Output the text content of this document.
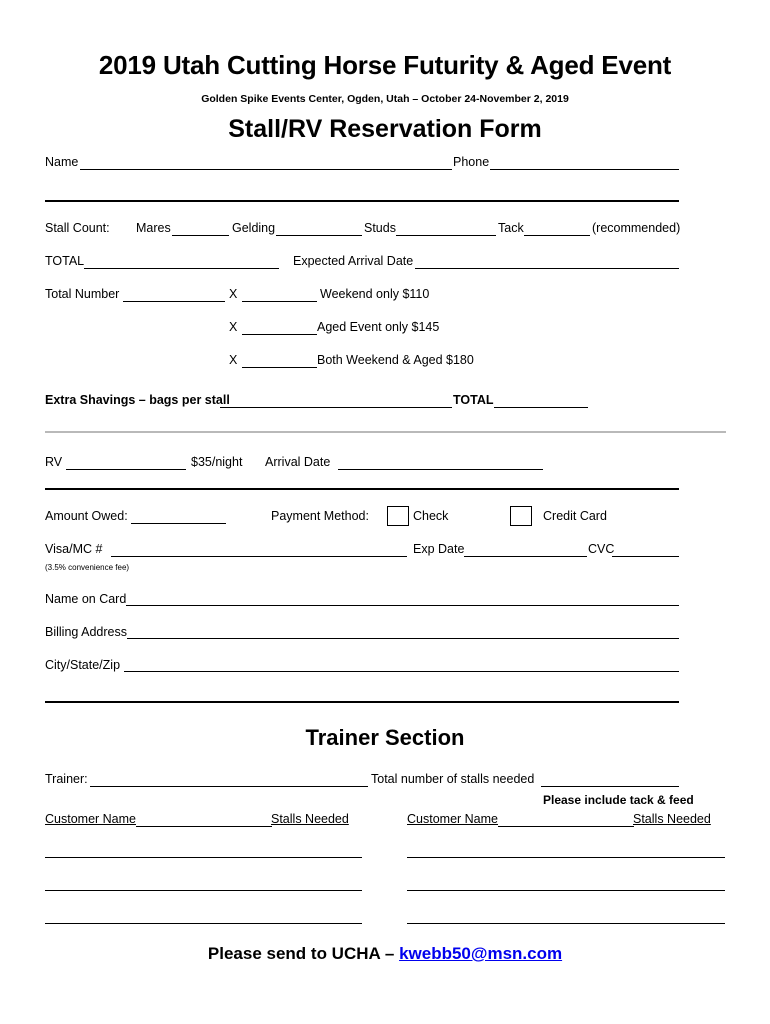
2019 Utah Cutting Horse Futurity & Aged Event
Golden Spike Events Center, Ogden, Utah – October 24-November 2, 2019
Stall/RV Reservation Form
Name	Phone
Stall Count: Mares	Gelding	Studs	Tack	(recommended)
TOTAL	Expected Arrival Date
Total Number	X	Weekend only $110
X	Aged Event only $145
X	Both Weekend & Aged $180
Extra Shavings – bags per stall	TOTAL
RV	$35/night Arrival Date
Amount Owed:	Payment Method:	Check	Credit Card
Visa/MC #	Exp Date	CVC
(3.5% convenience fee)
Name on Card
Billing Address
City/State/Zip
Trainer Section
Trainer:	Total number of stalls needed
Please include tack & feed
Customer Name	Stalls Needed	Customer Name	Stalls Needed
Please send to UCHA – kwebb50@msn.com
